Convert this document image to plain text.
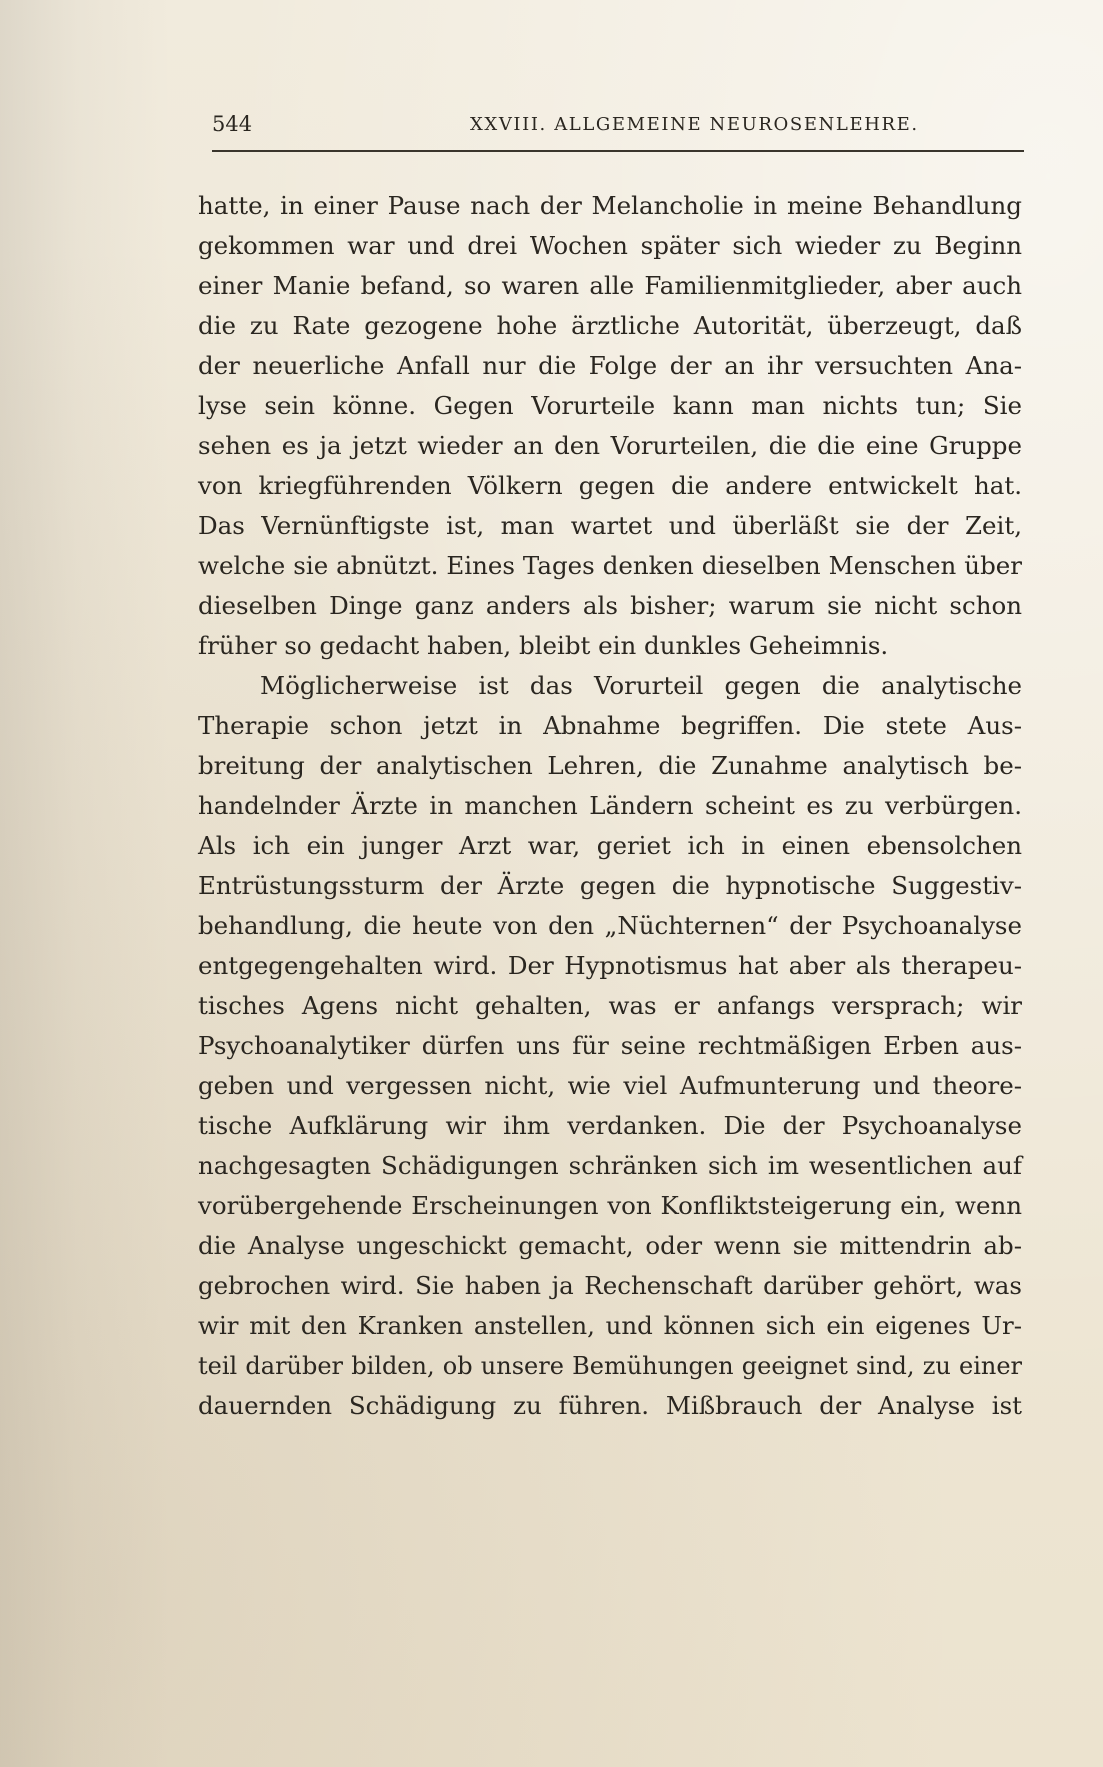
544	XXVIII. ALLGEMEINE NEUROSENLEHRE.
hatte, in einer Pause nach der Melancholie in meine Behandlung
gekommen war und drei Wochen später sich wieder zu Beginn
einer Manie befand, so waren alle Familienmitglieder, aber auch
die zu Rate gezogene hohe ärztliche Autorität, überzeugt, daß
der neuerliche Anfall nur die Folge der an ihr versuchten Ana-
lyse sein könne. Gegen Vorurteile kann man nichts tun; Sie
sehen es ja jetzt wieder an den Vorurteilen, die die eine Gruppe
von kriegführenden Völkern gegen die andere entwickelt hat.
Das Vernünftigste ist, man wartet und überläßt sie der Zeit,
welche sie abnützt. Eines Tages denken dieselben Menschen über
dieselben Dinge ganz anders als bisher; warum sie nicht schon
früher so gedacht haben, bleibt ein dunkles Geheimnis.
Möglicherweise ist das Vorurteil gegen die analytische
Therapie schon jetzt in Abnahme begriffen. Die stete Aus-
breitung der analytischen Lehren, die Zunahme analytisch be-
handelnder Ärzte in manchen Ländern scheint es zu verbürgen.
Als ich ein junger Arzt war, geriet ich in einen ebensolchen
Entrüstungssturm der Ärzte gegen die hypnotische Suggestiv-
behandlung, die heute von den „Nüchternen“ der Psychoanalyse
entgegengehalten wird. Der Hypnotismus hat aber als therapeu-
tisches Agens nicht gehalten, was er anfangs versprach; wir
Psychoanalytiker dürfen uns für seine rechtmäßigen Erben aus-
geben und vergessen nicht, wie viel Aufmunterung und theore-
tische Aufklärung wir ihm verdanken. Die der Psychoanalyse
nachgesagten Schädigungen schränken sich im wesentlichen auf
vorübergehende Erscheinungen von Konfliktsteigerung ein, wenn
die Analyse ungeschickt gemacht, oder wenn sie mittendrin ab-
gebrochen wird. Sie haben ja Rechenschaft darüber gehört, was
wir mit den Kranken anstellen, und können sich ein eigenes Ur-
teil darüber bilden, ob unsere Bemühungen geeignet sind, zu einer
dauernden Schädigung zu führen. Mißbrauch der Analyse ist
